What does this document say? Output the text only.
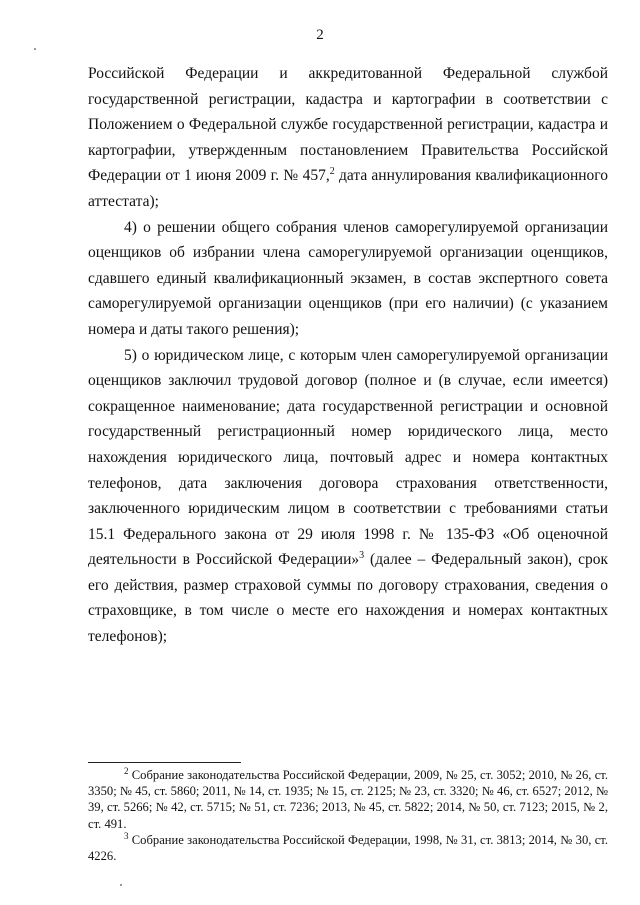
2

Российской Федерации и аккредитованной Федеральной службой государственной регистрации, кадастра и картографии в соответствии с Положением о Федеральной службе государственной регистрации, кадастра и картографии, утвержденным постановлением Правительства Российской Федерации от 1 июня 2009 г. № 457,$^2$ дата аннулирования квалификационного аттестата);

4) о решении общего собрания членов саморегулируемой организации оценщиков об избрании члена саморегулируемой организации оценщиков, сдавшего единый квалификационный экзамен, в состав экспертного совета саморегулируемой организации оценщиков (при его наличии) (с указанием номера и даты такого решения);

5) о юридическом лице, с которым член саморегулируемой организации оценщиков заключил трудовой договор (полное и (в случае, если имеется) сокращенное наименование; дата государственной регистрации и основной государственный регистрационный номер юридического лица, место нахождения юридического лица, почтовый адрес и номера контактных телефонов, дата заключения договора страхования ответственности, заключенного юридическим лицом в соответствии с требованиями статьи 15.1 Федерального закона от 29 июля 1998 г. № 135-ФЗ «Об оценочной деятельности в Российской Федерации»$^3$ (далее – Федеральный закон), срок его действия, размер страховой суммы по договору страхования, сведения о страховщике, в том числе о месте его нахождения и номерах контактных телефонов);

$^2$ Собрание законодательства Российской Федерации, 2009, № 25, ст. 3052; 2010, № 26, ст. 3350; № 45, ст. 5860; 2011, № 14, ст. 1935; № 15, ст. 2125; № 23, ст. 3320; № 46, ст. 6527; 2012, № 39, ст. 5266; № 42, ст. 5715; № 51, ст. 7236; 2013, № 45, ст. 5822; 2014, № 50, ст. 7123; 2015, № 2, ст. 491.

$^3$ Собрание законодательства Российской Федерации, 1998, № 31, ст. 3813; 2014, № 30, ст. 4226.
